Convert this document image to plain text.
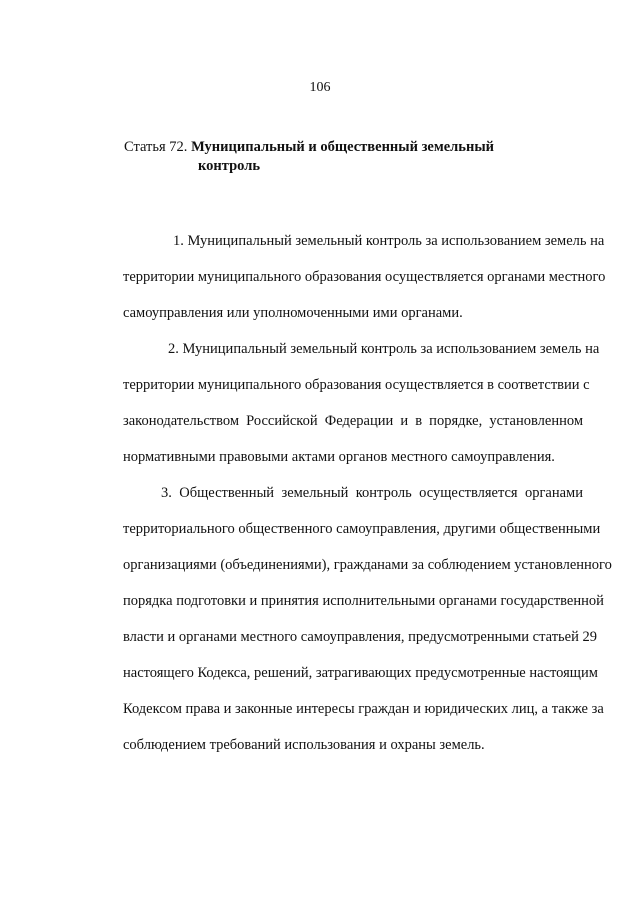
106
Статья 72. Муниципальный и общественный земельный
контроль
1. Муниципальный земельный контроль за использованием земель на
территории муниципального образования осуществляется органами местного
самоуправления или уполномоченными ими органами.
2. Муниципальный земельный контроль за использованием земель на
территории муниципального образования осуществляется в соответствии с
законодательством Российской Федерации и в порядке, установленном
нормативными правовыми актами органов местного самоуправления.
3. Общественный земельный контроль осуществляется органами
территориального общественного самоуправления, другими общественными
организациями (объединениями), гражданами за соблюдением установленного
порядка подготовки и принятия исполнительными органами государственной
власти и органами местного самоуправления, предусмотренными статьей 29
настоящего Кодекса, решений, затрагивающих предусмотренные настоящим
Кодексом права и законные интересы граждан и юридических лиц, а также за
соблюдением требований использования и охраны земель.
